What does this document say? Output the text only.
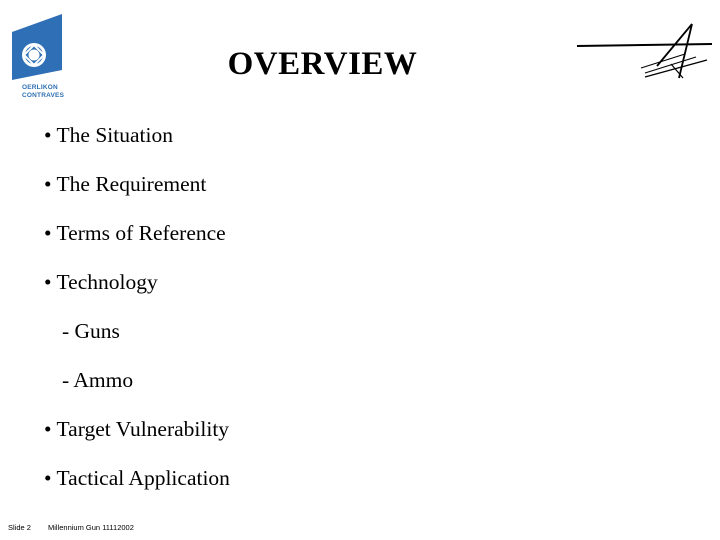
OERLIKON
CONTRAVES
OVERVIEW
• The Situation
• The Requirement
• Terms of Reference
• Technology
- Guns
- Ammo
• Target Vulnerability
• Tactical Application
Slide 2 Millennium Gun 11112002
